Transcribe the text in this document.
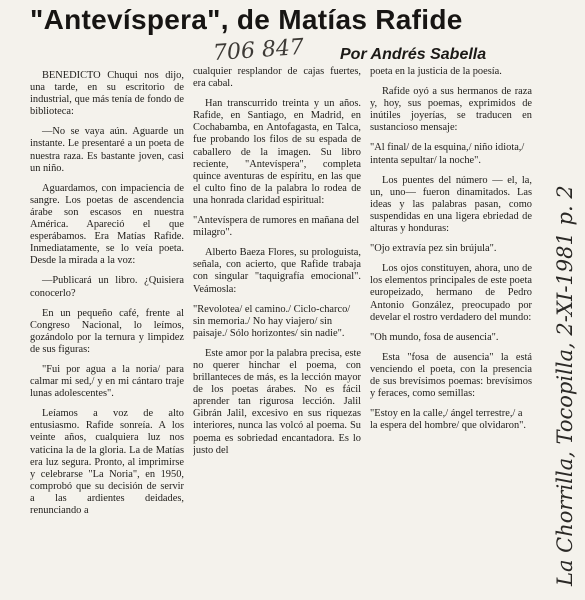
"Antevíspera", de Matías Rafide
706 847 Por Andrés Sabella

BENEDICTO Chuqui nos dijo, una tarde, en su escritorio de industrial, que más tenía de fondo de biblioteca:

—No se vaya aún. Aguarde un instante. Le presentaré a un poeta de nuestra raza. Es bastante joven, casi un niño.

Aguardamos, con impaciencia de sangre. Los poetas de ascendencia árabe son escasos en nuestra América. Apareció el que esperábamos. Era Matías Rafide. Inmediatamente, se lo veía poeta. Desde la mirada a la voz:

—Publicará un libro. ¿Quisiera conocerlo?

En un pequeño café, frente al Congreso Nacional, lo leímos, gozándolo por la ternura y limpidez de sus figuras:

"Fui por agua a la noria/ para calmar mi sed,/ y en mi cántaro traje lunas adolescentes".

Leíamos a voz de alto entusiasmo. Rafide sonreía. A los veinte años, cualquiera luz nos vaticina la de la gloria. La de Matías era luz segura. Pronto, al imprimirse y celebrarse "La Noria", en 1950, comprobó que su decisión de servir a las ardientes deidades, renunciando a

cualquier resplandor de cajas fuertes, era cabal.

Han transcurrido treinta y un años. Rafide, en Santiago, en Madrid, en Cochabamba, en Antofagasta, en Talca, fue probando los filos de su espada de caballero de la imagen. Su libro reciente, "Antevíspera", completa quince aventuras de espíritu, en las que el culto fino de la palabra lo rodea de una honrada claridad espiritual:

"Antevíspera de rumores en mañana del milagro".

Alberto Baeza Flores, su prologuista, señala, con acierto, que Rafide trabaja con singular "taquigrafía emocional". Veámosla:

"Revolotea/ el camino./ Ciclo-charco/ sin memoria./ No hay viajero/ sin paisaje./ Sólo horizontes/ sin nadie".

Este amor por la palabra precisa, este no querer hinchar el poema, con brillanteces de más, es la lección mayor de los poetas árabes. No es fácil aprender tan rigurosa lección. Jalil Gibrán Jalil, excesivo en sus riquezas interiores, nunca las volcó al poema. Su poema es sobriedad encantadora. Es lo justo del

poeta en la justicia de la poesía.

Rafide oyó a sus hermanos de raza y, hoy, sus poemas, exprimidos de inútiles joyerías, se traducen en sustancioso mensaje:

"Al final/ de la esquina,/ niño idiota,/ intenta sepultar/ la noche".

Los puentes del número — el, la, un, uno— fueron dinamitados. Las ideas y las palabras pasan, como suspendidas en una ligera ebriedad de alturas y honduras:

"Ojo extravía pez sin brújula".

Los ojos constituyen, ahora, uno de los elementos principales de este poeta europeizado, hermano de Pedro Antonio González, preocupado por develar el rostro verdadero del mundo:

"Oh mundo, fosa de ausencia".

Esta "fosa de ausencia" la está venciendo el poeta, con la presencia de sus brevísimos poemas: brevísimos y feraces, como semillas:

"Estoy en la calle,/ ángel terrestre,/ a la espera del hombre/ que olvidaron". La Chorrilla, Tocopilla, 2-XI-1981 p. 2
